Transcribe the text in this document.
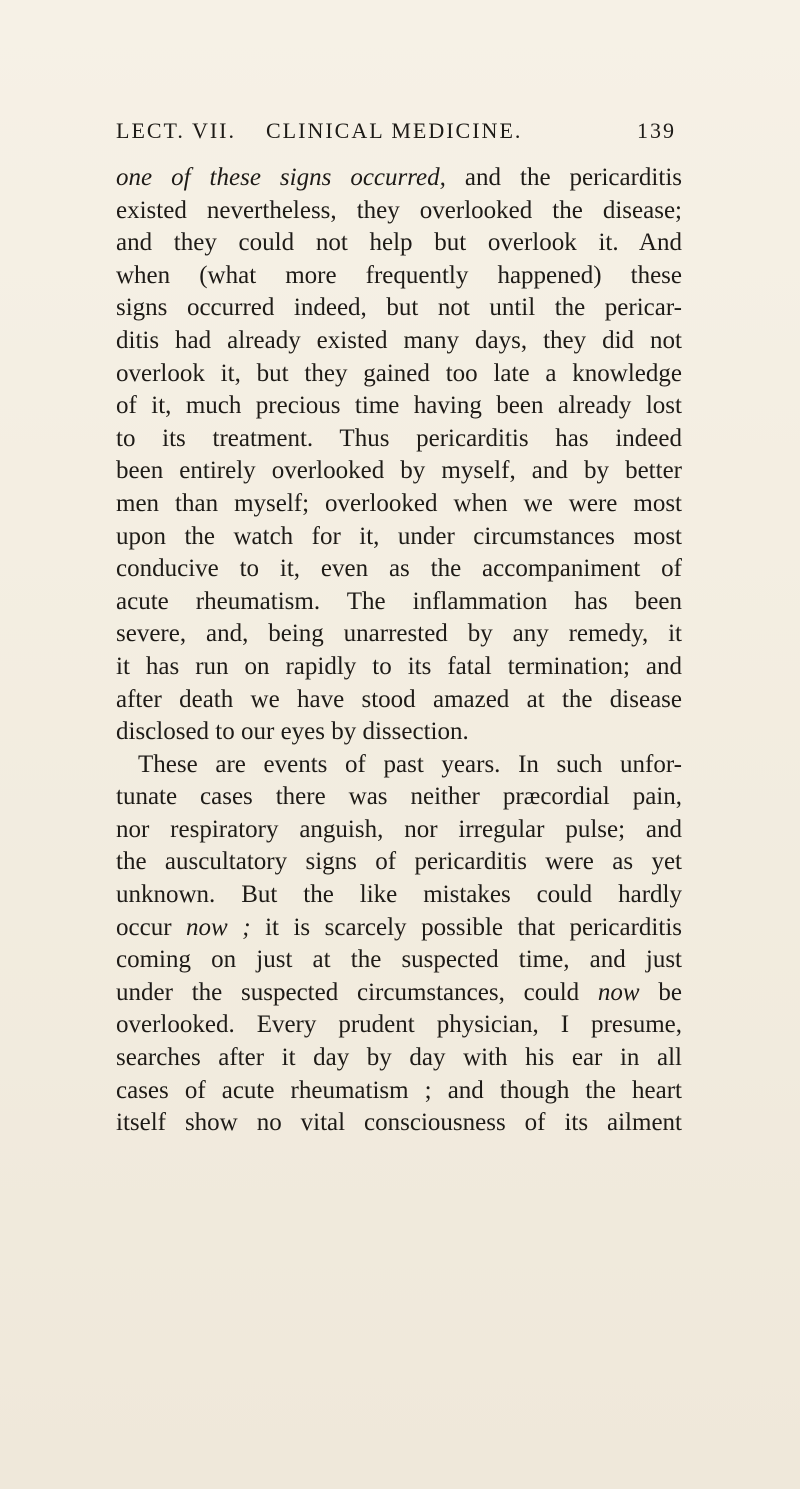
LECT. VII. CLINICAL MEDICINE.	139
one of these signs occurred, and the pericarditis
existed nevertheless, they overlooked the disease;
and they could not help but overlook it. And
when (what more frequently happened) these
signs occurred indeed, but not until the pericar-
ditis had already existed many days, they did not
overlook it, but they gained too late a knowledge
of it, much precious time having been already lost
to its treatment. Thus pericarditis has indeed
been entirely overlooked by myself, and by better
men than myself; overlooked when we were most
upon the watch for it, under circumstances most
conducive to it, even as the accompaniment of
acute rheumatism. The inflammation has been
severe, and, being unarrested by any remedy, it
it has run on rapidly to its fatal termination; and
after death we have stood amazed at the disease
disclosed to our eyes by dissection.
These are events of past years. In such unfor-
tunate cases there was neither præcordial pain,
nor respiratory anguish, nor irregular pulse; and
the auscultatory signs of pericarditis were as yet
unknown. But the like mistakes could hardly
occur now ; it is scarcely possible that pericarditis
coming on just at the suspected time, and just
under the suspected circumstances, could now be
overlooked. Every prudent physician, I presume,
searches after it day by day with his ear in all
cases of acute rheumatism ; and though the heart
itself show no vital consciousness of its ailment
